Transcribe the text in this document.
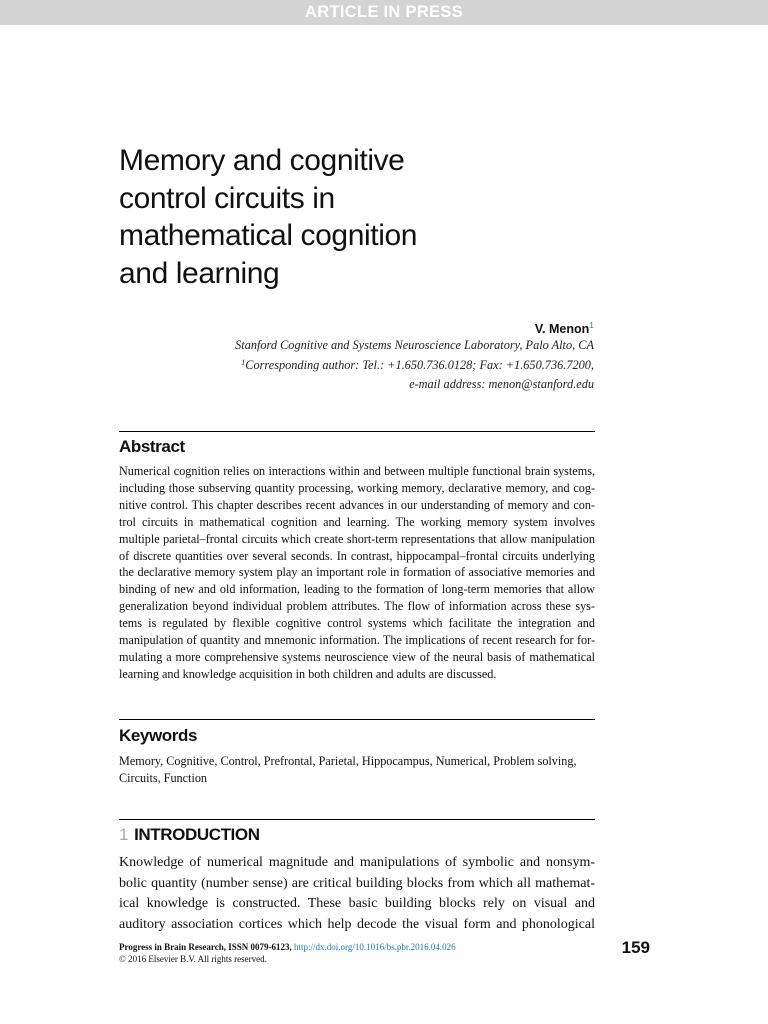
ARTICLE IN PRESS
Memory and cognitive
control circuits in
mathematical cognition
and learning
V. Menon$^1$
Stanford Cognitive and Systems Neuroscience Laboratory, Palo Alto, CA
$^1$Corresponding author: Tel.: +1.650.736.0128; Fax: +1.650.736.7200,
e-mail address: menon@stanford.edu
Abstract
Numerical cognition relies on interactions within and between multiple functional brain systems,
including those subserving quantity processing, working memory, declarative memory, and cog-
nitive control. This chapter describes recent advances in our understanding of memory and con-
trol circuits in mathematical cognition and learning. The working memory system involves
multiple parietal–frontal circuits which create short-term representations that allow manipulation
of discrete quantities over several seconds. In contrast, hippocampal–frontal circuits underlying
the declarative memory system play an important role in formation of associative memories and
binding of new and old information, leading to the formation of long-term memories that allow
generalization beyond individual problem attributes. The flow of information across these sys-
tems is regulated by flexible cognitive control systems which facilitate the integration and
manipulation of quantity and mnemonic information. The implications of recent research for for-
mulating a more comprehensive systems neuroscience view of the neural basis of mathematical
learning and knowledge acquisition in both children and adults are discussed.
Keywords
Memory, Cognitive, Control, Prefrontal, Parietal, Hippocampus, Numerical, Problem solving,
Circuits, Function
1 INTRODUCTION
Knowledge of numerical magnitude and manipulations of symbolic and nonsym-
bolic quantity (number sense) are critical building blocks from which all mathemat-
ical knowledge is constructed. These basic building blocks rely on visual and
auditory association cortices which help decode the visual form and phonological
Progress in Brain Research, ISSN 0079-6123, http://dx.doi.org/10.1016/bs.pbr.2016.04.026
© 2016 Elsevier B.V. All rights reserved.
159
